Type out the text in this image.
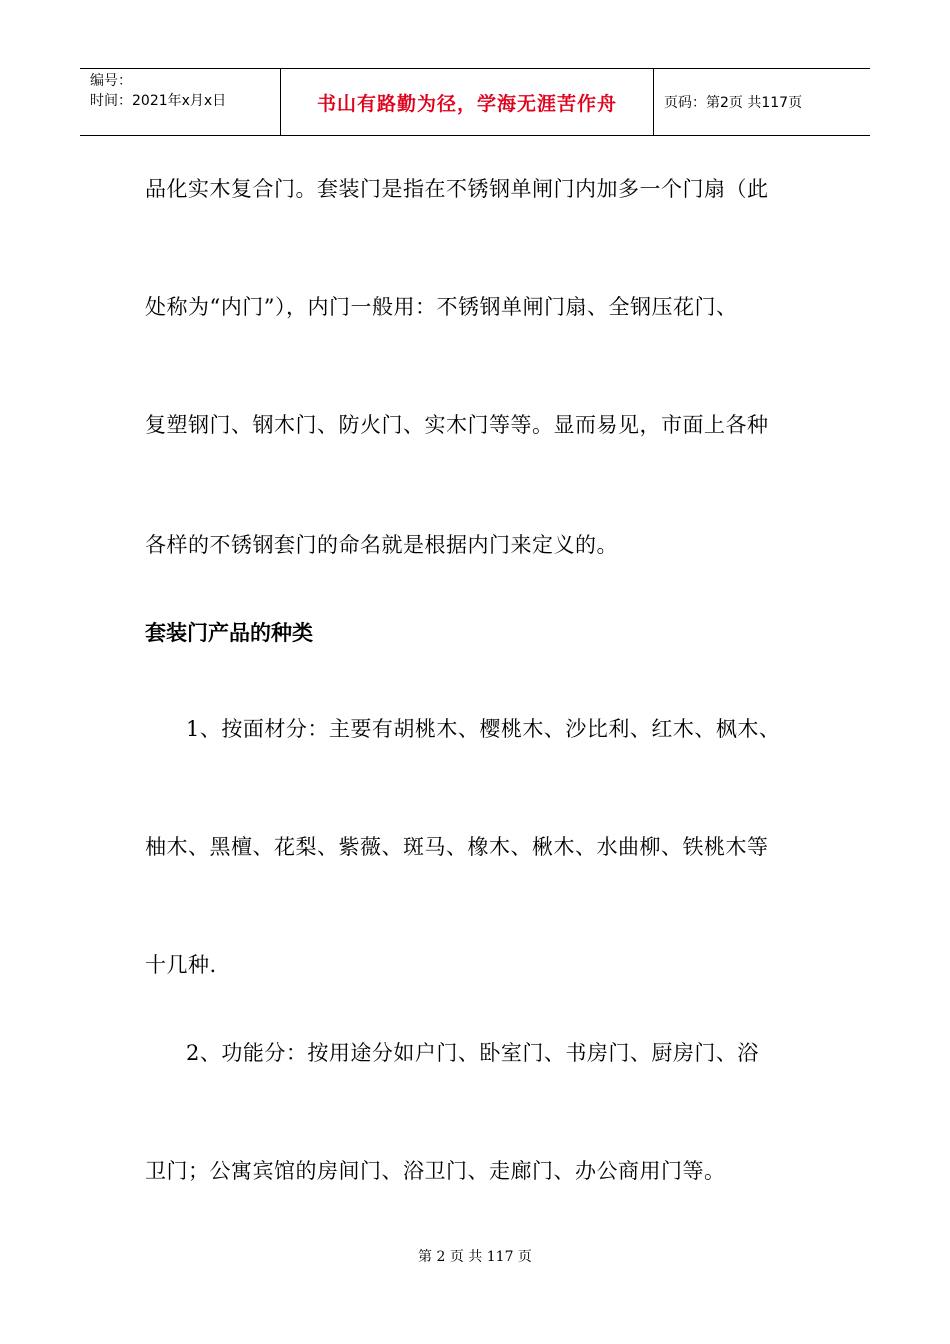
编号：
时间：2021年x月x日	书山有路勤为径，学海无涯苦作舟	页码：第2页 共117页
品化实木复合门。套装门是指在不锈钢单闸门内加多一个门扇（此
处称为“内门”），内门一般用：不锈钢单闸门扇、全钢压花门、
复塑钢门、钢木门、防火门、实木门等等。显而易见，市面上各种
各样的不锈钢套门的命名就是根据内门来定义的。
套装门产品的种类
1、按面材分：主要有胡桃木、樱桃木、沙比利、红木、枫木、
柚木、黑檀、花梨、紫薇、斑马、橡木、楸木、水曲柳、铁桃木等
十几种.
2、功能分：按用途分如户门、卧室门、书房门、厨房门、浴
卫门；公寓宾馆的房间门、浴卫门、走廊门、办公商用门等。
第 2 页 共 117 页
